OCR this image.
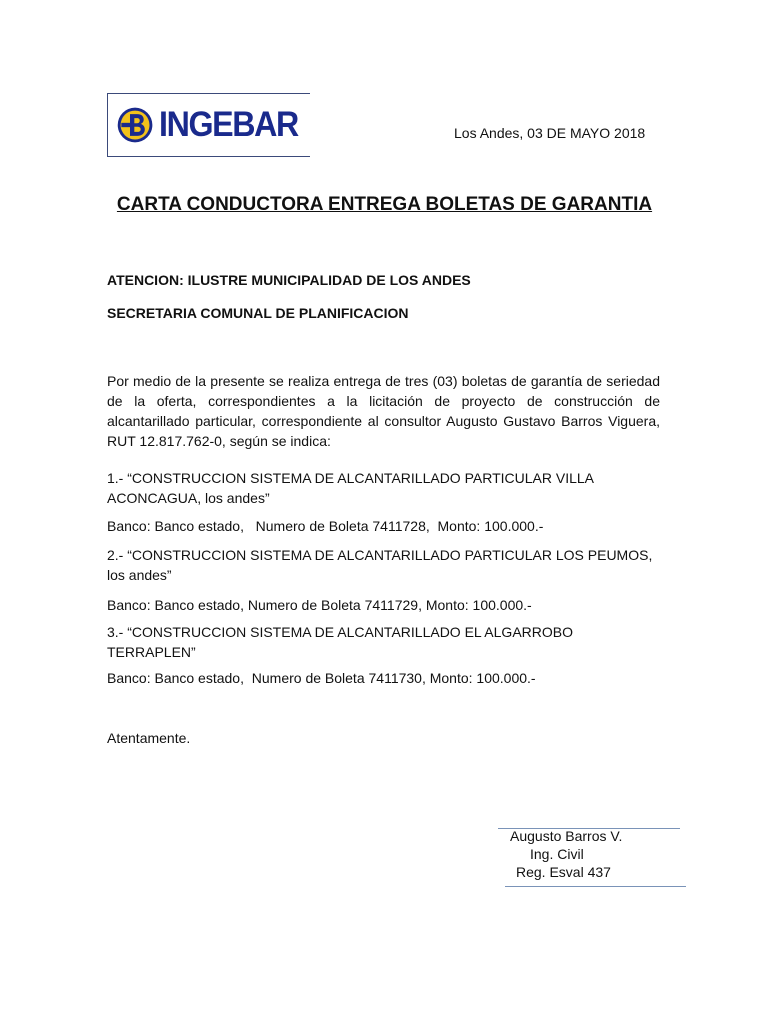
INGEBAR	Los Andes, 03 DE MAYO 2018
CARTA CONDUCTORA ENTREGA BOLETAS DE GARANTIA
ATENCION: ILUSTRE MUNICIPALIDAD DE LOS ANDES
SECRETARIA COMUNAL DE PLANIFICACION
Por medio de la presente se realiza entrega de tres (03) boletas de garantía de seriedad de la oferta, correspondientes a la licitación de proyecto de construcción de alcantarillado particular, correspondiente al consultor Augusto Gustavo Barros Viguera, RUT 12.817.762-0, según se indica:
1.- “CONSTRUCCION SISTEMA DE ALCANTARILLADO PARTICULAR VILLA ACONCAGUA, los andes”
Banco: Banco estado,   Numero de Boleta 7411728,  Monto: 100.000.-
2.- “CONSTRUCCION SISTEMA DE ALCANTARILLADO PARTICULAR LOS PEUMOS, los andes”
Banco: Banco estado, Numero de Boleta 7411729, Monto: 100.000.-
3.- “CONSTRUCCION SISTEMA DE ALCANTARILLADO EL ALGARROBO TERRAPLEN”
Banco: Banco estado,  Numero de Boleta 7411730, Monto: 100.000.-
Atentamente.
Augusto Barros V.
Ing. Civil
Reg. Esval 437
